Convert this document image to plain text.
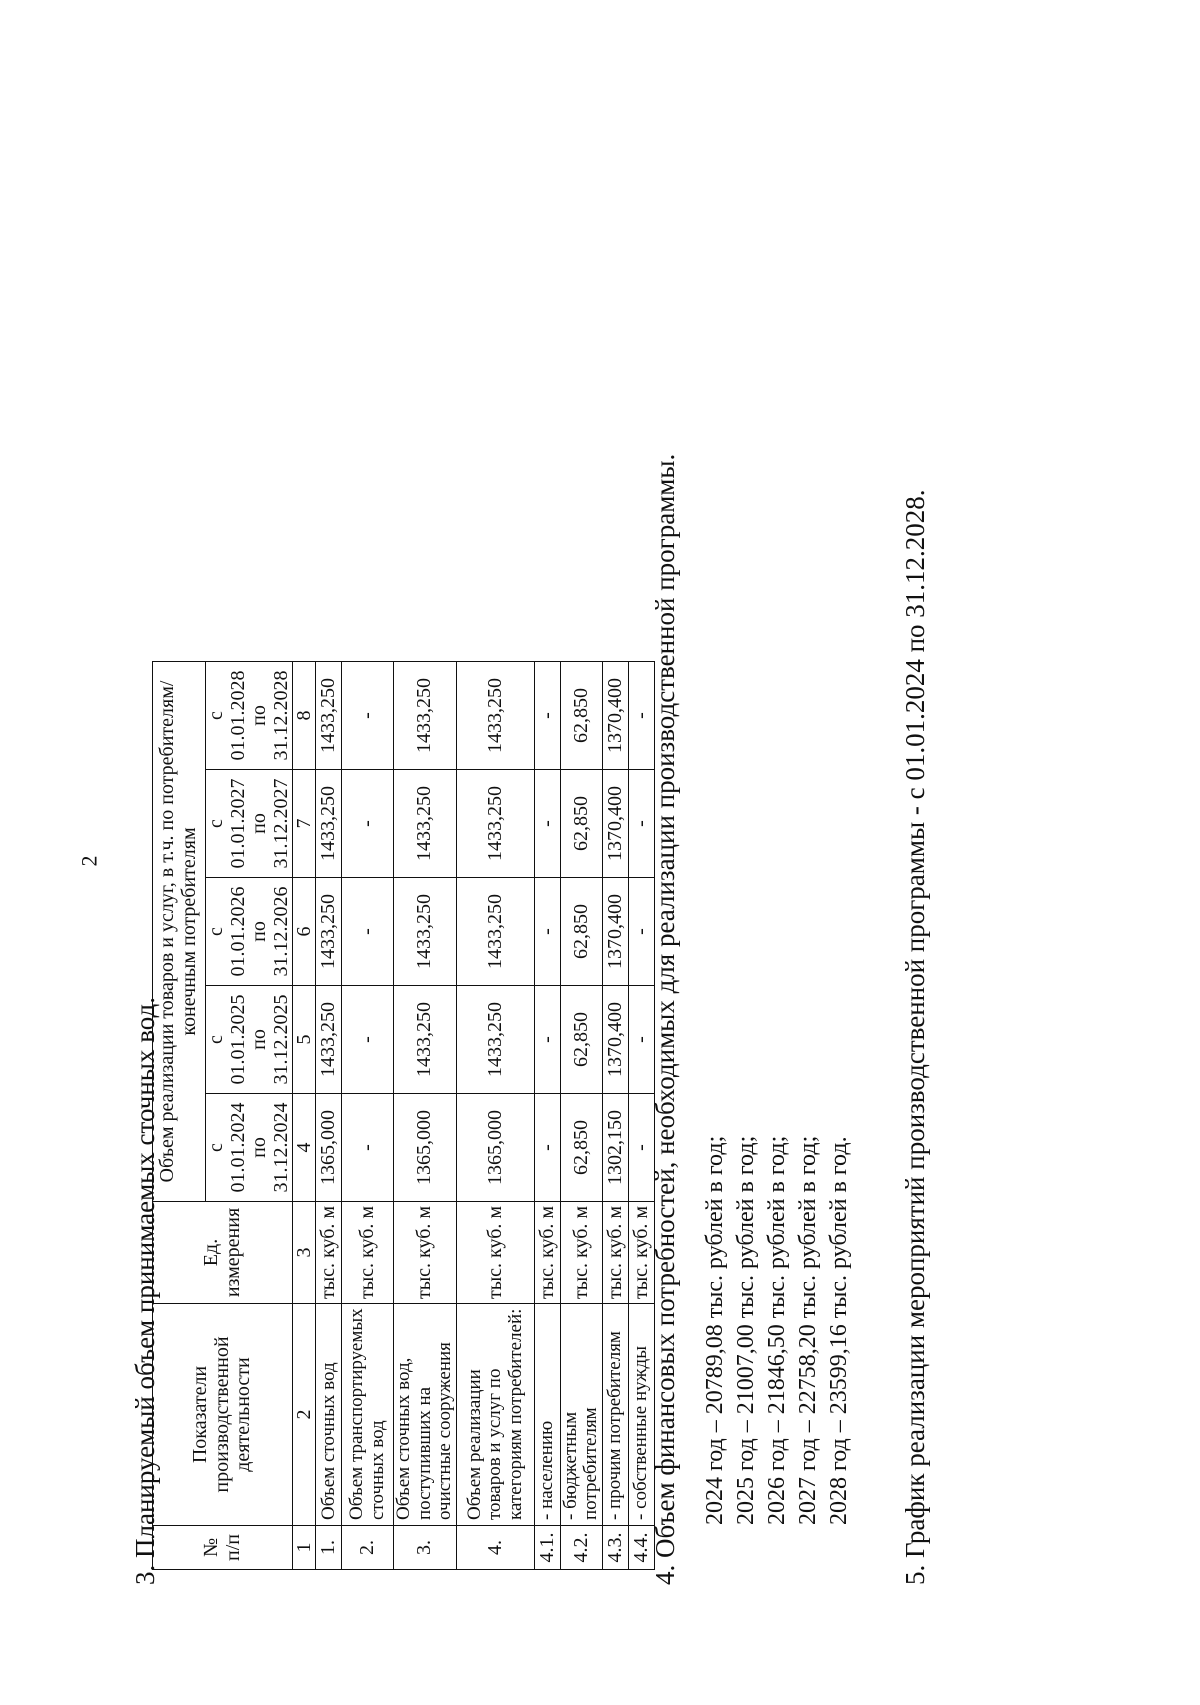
2
3. Планируемый объем принимаемых сточных вод. № п/п	Показатели производственной деятельности	Ед. измерения	Объем реализации товаров и услуг, в т.ч. по потребителям/конечным потребителям				
			с 01.01.2024 по 31.12.2024	с 01.01.2025 по 31.12.2025	с 01.01.2026 по 31.12.2026	с 01.01.2027 по 31.12.2027	с 01.01.2028 по 31.12.2028
1	2	3	4	5	6	7	8
1.	Объем сточных вод	тыс. куб. м	1365,000	1433,250	1433,250	1433,250	1433,250
2.	Объем транспортируемых сточных вод	тыс. куб. м	-	-	-	-	-
3.	Объем сточных вод, поступивших на очистные сооружения	тыс. куб. м	1365,000	1433,250	1433,250	1433,250	1433,250
4.	Объем реализации товаров и услуг по категориям потребителей:	тыс. куб. м	1365,000	1433,250	1433,250	1433,250	1433,250
4.1.	- населению	тыс. куб. м	-	-	-	-	-
4.2.	- бюджетным потребителям	тыс. куб. м	62,850	62,850	62,850	62,850	62,850
4.3.	- прочим потребителям	тыс. куб. м	1302,150	1370,400	1370,400	1370,400	1370,400
4.4.	- собственные нужды	тыс. куб. м	-	-	-	-	-
4. Объем финансовых потребностей, необходимых для реализации производственной программы. 2024 год – 20789,08 тыс. рублей в год; 2025 год – 21007,00 тыс. рублей в год; 2026 год – 21846,50 тыс. рублей в год; 2027 год – 22758,20 тыс. рублей в год; 2028 год – 23599,16 тыс. рублей в год. 5. График реализации мероприятий производственной программы - с 01.01.2024 по 31.12.2028.
